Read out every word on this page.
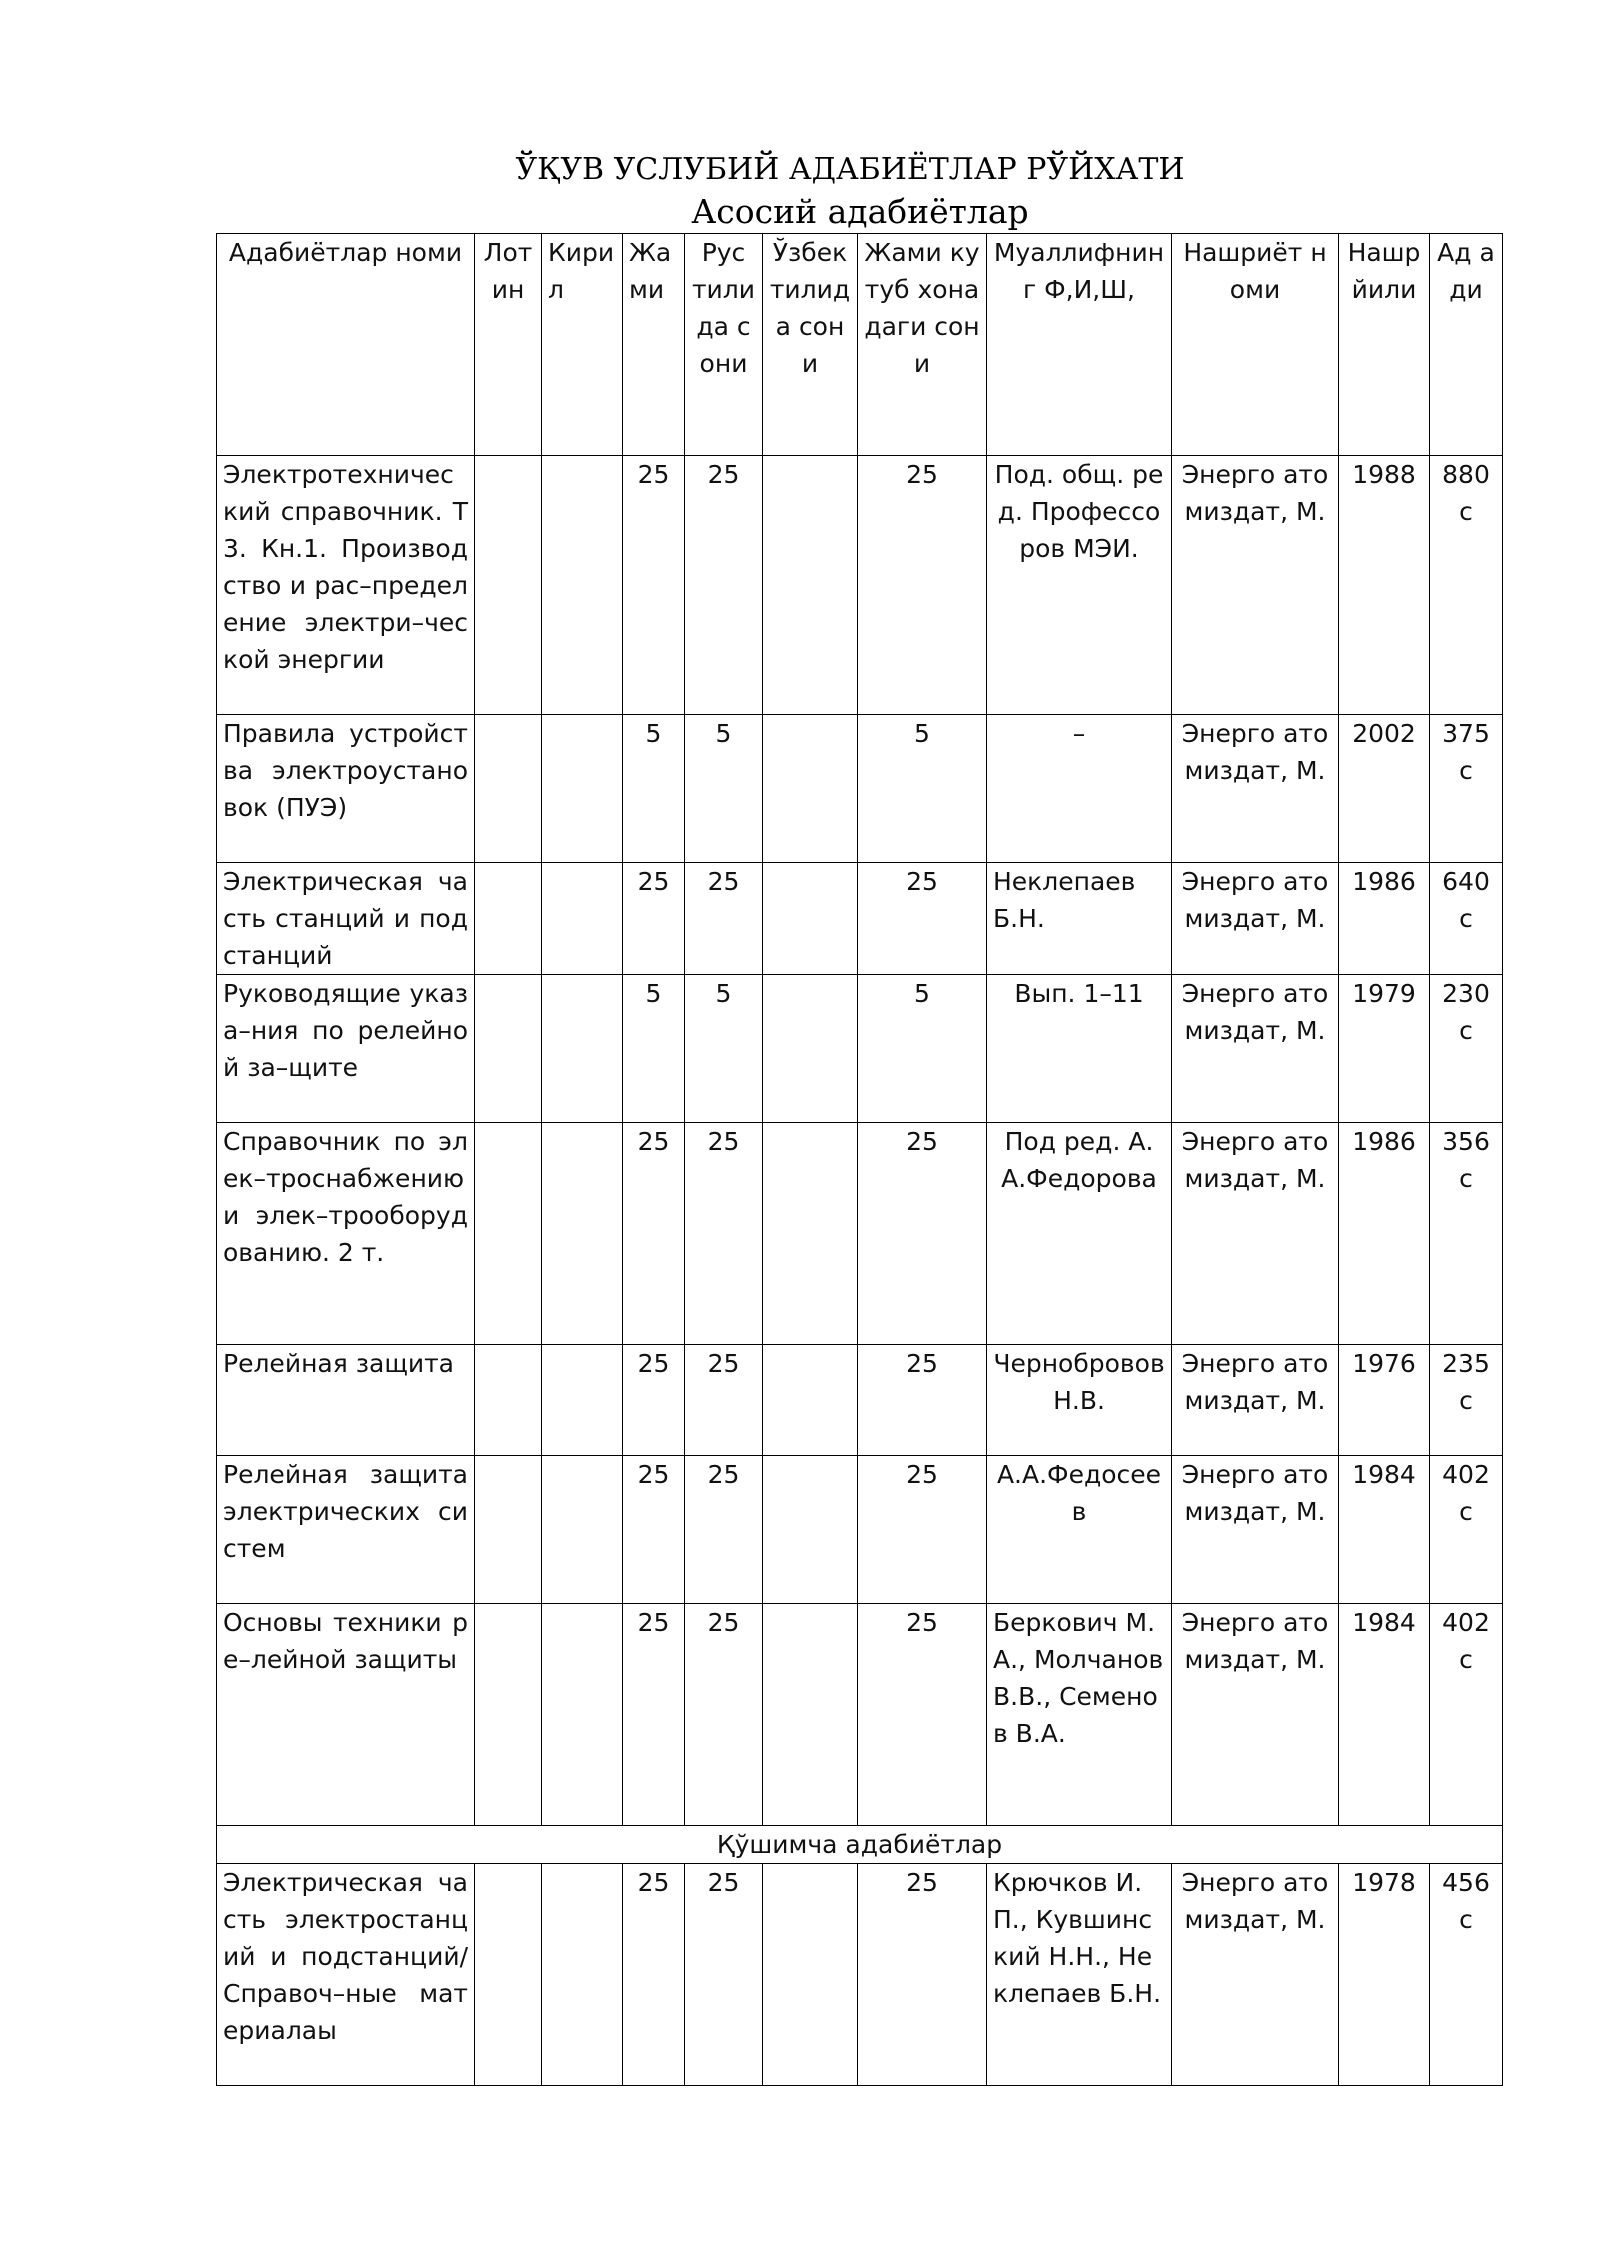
ЎҚУВ УСЛУБИЙ АДАБИЁТЛАР РЎЙХАТИ
Асосий адабиётлар
Адабиётлар номи	Лотин	Кирил	Жами	Рус тилида сони	Ўзбек тилида сони	Жами кутуб хонадаги сони	Муаллифнинг Ф,И,Ш,	Нашриёт номи	Нашр йили	Ад ади
Электротехнический справочник. Т3. Кн.1. Производство и рас–пределение электри–ческой энергии			25	25		25	Под. общ. ред. Профессоров МЭИ.	Энерго атомиздат, М.	1988	880 с
Правила устройства электроустановок (ПУЭ)			5	5		5	–	Энерго атомиздат, М.	2002	375 с
Электрическая часть станций и подстанций			25	25		25	Неклепаев Б.Н.	Энерго атомиздат, М.	1986	640 с
Руководящие указа–ния по релейной за–щите			5	5		5	Вып. 1–11	Энерго атомиздат, М.	1979	230 с
Справочник по элек–троснабжению и элек–трооборудованию. 2 т.			25	25		25	Под ред. А.А.Федорова	Энерго атомиздат, М.	1986	356 с
Релейная защита			25	25		25	Чернобровов Н.В.	Энерго атомиздат, М.	1976	235 с
Релейная защита электрических систем			25	25		25	А.А.Федосеев	Энерго атомиздат, М.	1984	402 с
Основы техники ре–лейной защиты			25	25		25	Беркович М.А., Молчанов В.В., Семенов В.А.	Энерго атомиздат, М.	1984	402 с
Қўшимча адабиётлар										
Электрическая часть электростанций и подстанций/ Справоч–ные материалаы			25	25		25	Крючков И.П., Кувшинский Н.Н., Неклепаев Б.Н.	Энерго атомиздат, М.	1978	456 с
